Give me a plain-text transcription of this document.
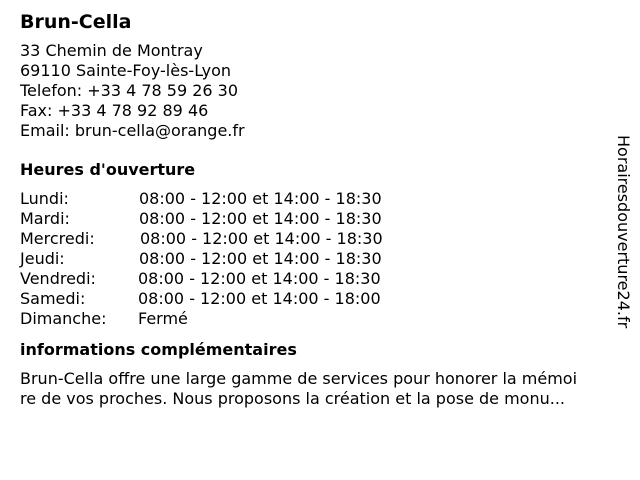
Brun-Cella
33 Chemin de Montray
69110 Sainte-Foy-lès-Lyon
Telefon: +33 4 78 59 26 30
Fax: +33 4 78 92 89 46
Email: brun-cella@orange.fr
Heures d'ouverture
Lundi:	08:00 - 12:00 et 14:00 - 18:30
Mardi:	08:00 - 12:00 et 14:00 - 18:30
Mercredi:	08:00 - 12:00 et 14:00 - 18:30
Jeudi:	08:00 - 12:00 et 14:00 - 18:30
Vendredi:	08:00 - 12:00 et 14:00 - 18:30
Samedi:	08:00 - 12:00 et 14:00 - 18:00
Dimanche: Fermé
informations complémentaires
Brun-Cella offre une large gamme de services pour honorer la mémoi
re de vos proches. Nous proposons la création et la pose de monu...
Horairesdouverture24.fr
